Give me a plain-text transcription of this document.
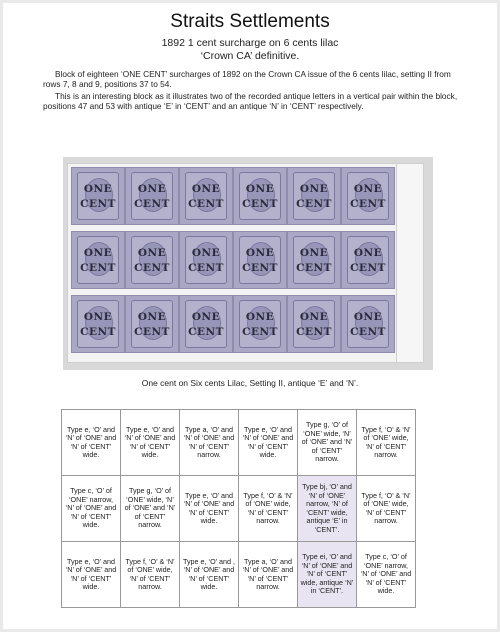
Straits Settlements
1892 1 cent surcharge on 6 cents lilac
‘Crown CA’ definitive.
Block of eighteen ‘ONE CENT’ surcharges of 1892 on the Crown CA issue of the 6 cents lilac, setting II from rows 7, 8 and 9, positions 37 to 54.
This is an interesting block as it illustrates two of the recorded antique letters in a vertical pair within the block, positions 47 and 53 with antique ‘E’ in ‘CENT’ and an antique ‘N’ in ‘CENT’ respectively.
ONE
CENT
ONE
CENT
ONE
CENT
ONE
CENT
ONE
CENT
ONE
CENT
ONE
CENT
ONE
CENT
ONE
CENT
ONE
CENT
ONE
CENT
ONE
CENT
ONE
CENT
ONE
CENT
ONE
CENT
ONE
CENT
ONE
CENT
ONE
CENT
One cent on Six cents Lilac, Setting II, antique ‘E’ and ‘N’.
Type e, ‘O’ and ‘N’ of ‘ONE’ and ‘N’ of ‘CENT’ wide.	Type e, ‘O’ and ‘N’ of ‘ONE’ and ‘N’ of ‘CENT’ wide.	Type a, ‘O’ and ‘N’ of ‘ONE’ and ‘N’ of ‘CENT’ narrow.	Type e, ‘O’ and ‘N’ of ‘ONE’ and ‘N’ of ‘CENT’ wide.	Type g, ‘O’ of ‘ONE’ wide, ‘N’ of ‘ONE’ and ‘N’ of ‘CENT’ narrow.	Type f, ‘O’ & ‘N’ of ‘ONE’ wide, ‘N’ of ‘CENT’ narrow.
Type c, ‘O’ of ‘ONE’ narrow, ‘N’ of ‘ONE’ and ‘N’ of ‘CENT’ wide.	Type g, ‘O’ of ‘ONE’ wide, ‘N’ of ‘ONE’ and ‘N’ of ‘CENT’ narrow.	Type e, ‘O’ and ‘N’ of ‘ONE’ and ‘N’ of ‘CENT’ wide.	Type f, ‘O’ & ‘N’ of ‘ONE’ wide, ‘N’ of ‘CENT’ narrow.	Type bj, ‘O’ and ‘N’ of ‘ONE’ narrow, ‘N’ of ‘CENT’ wide, antique ‘E’ in ‘CENT’.	Type f, ‘O’ & ‘N’ of ‘ONE’ wide, ‘N’ of ‘CENT’ narrow.
Type e, ‘O’ and ‘N’ of ‘ONE’ and ‘N’ of ‘CENT’ wide.	Type f, ‘O’ & ‘N’ of ‘ONE’ wide, ‘N’ of ‘CENT’ narrow.	Type e, ‘O’ and , ‘N’ of ‘ONE’ and ‘N’ of ‘CENT’ wide.	Type a, ‘O’ and ‘N’ of ‘ONE’ and ‘N’ of ‘CENT’ narrow.	Type ei, ‘O’ and ‘N’ of ‘ONE’ and ‘N’ of ‘CENT’ wide, antique ‘N’ in ‘CENT’.	Type c, ‘O’ of ‘ONE’ narrow, ‘N’ of ‘ONE’ and ‘N’ of ‘CENT’ wide.
